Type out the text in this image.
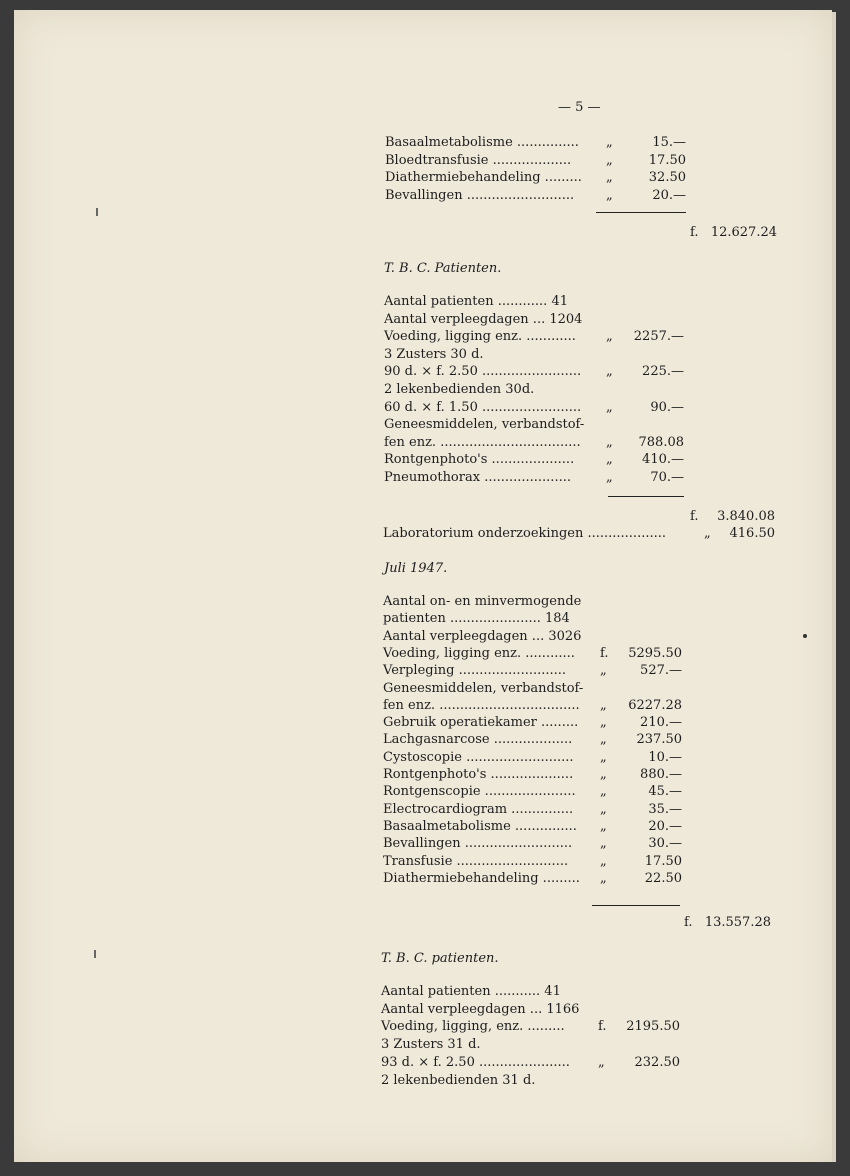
— 5 —
Basaalmetabolisme ............... „	15.—
Bloedtransfusie ...................	„	17.50
Diathermiebehandeling ......... „	32.50
Bevallingen .......................... „	20.—
f. 12.627.24
T. B. C. Patienten.
Aantal patienten ............ 41
Aantal verpleegdagen ... 1204
Voeding, ligging enz. ............ „	2257.—
3 Zusters 30 d.
90 d. × f. 2.50 ........................ „	225.—
2 lekenbedienden 30d.
60 d. × f. 1.50 ........................ „	90.—
Geneesmiddelen, verbandstof-
fen enz. .................................. „	788.08
Rontgenphoto's .................... „	410.—
Pneumothorax .....................	„	70.—
f.	3.840.08
Laboratorium onderzoekingen ...................	„	416.50
Juli 1947.
Aantal on- en minvermogende
patienten ...................... 184
Aantal verpleegdagen ... 3026
Voeding, ligging enz. ............ f.	5295.50
Verpleging ..........................	„	527.—
Geneesmiddelen, verbandstof-
fen enz. .................................. „	6227.28
Gebruik operatiekamer ......... „	210.—
Lachgasnarcose ................... „	237.50
Cystoscopie .......................... „	10.—
Rontgenphoto's .................... „	880.—
Rontgenscopie ...................... „	45.—
Electrocardiogram ............... „	35.—
Basaalmetabolisme ............... „	20.—
Bevallingen .......................... „	30.—
Transfusie ........................... „	17.50
Diathermiebehandeling ......... „	22.50
f. 13.557.28
T. B. C. patienten.
Aantal patienten ........... 41
Aantal verpleegdagen ... 1166
Voeding, ligging, enz. .........	f.	2195.50
3 Zusters 31 d.
93 d. × f. 2.50 ...................... „	232.50
2 lekenbedienden 31 d.
